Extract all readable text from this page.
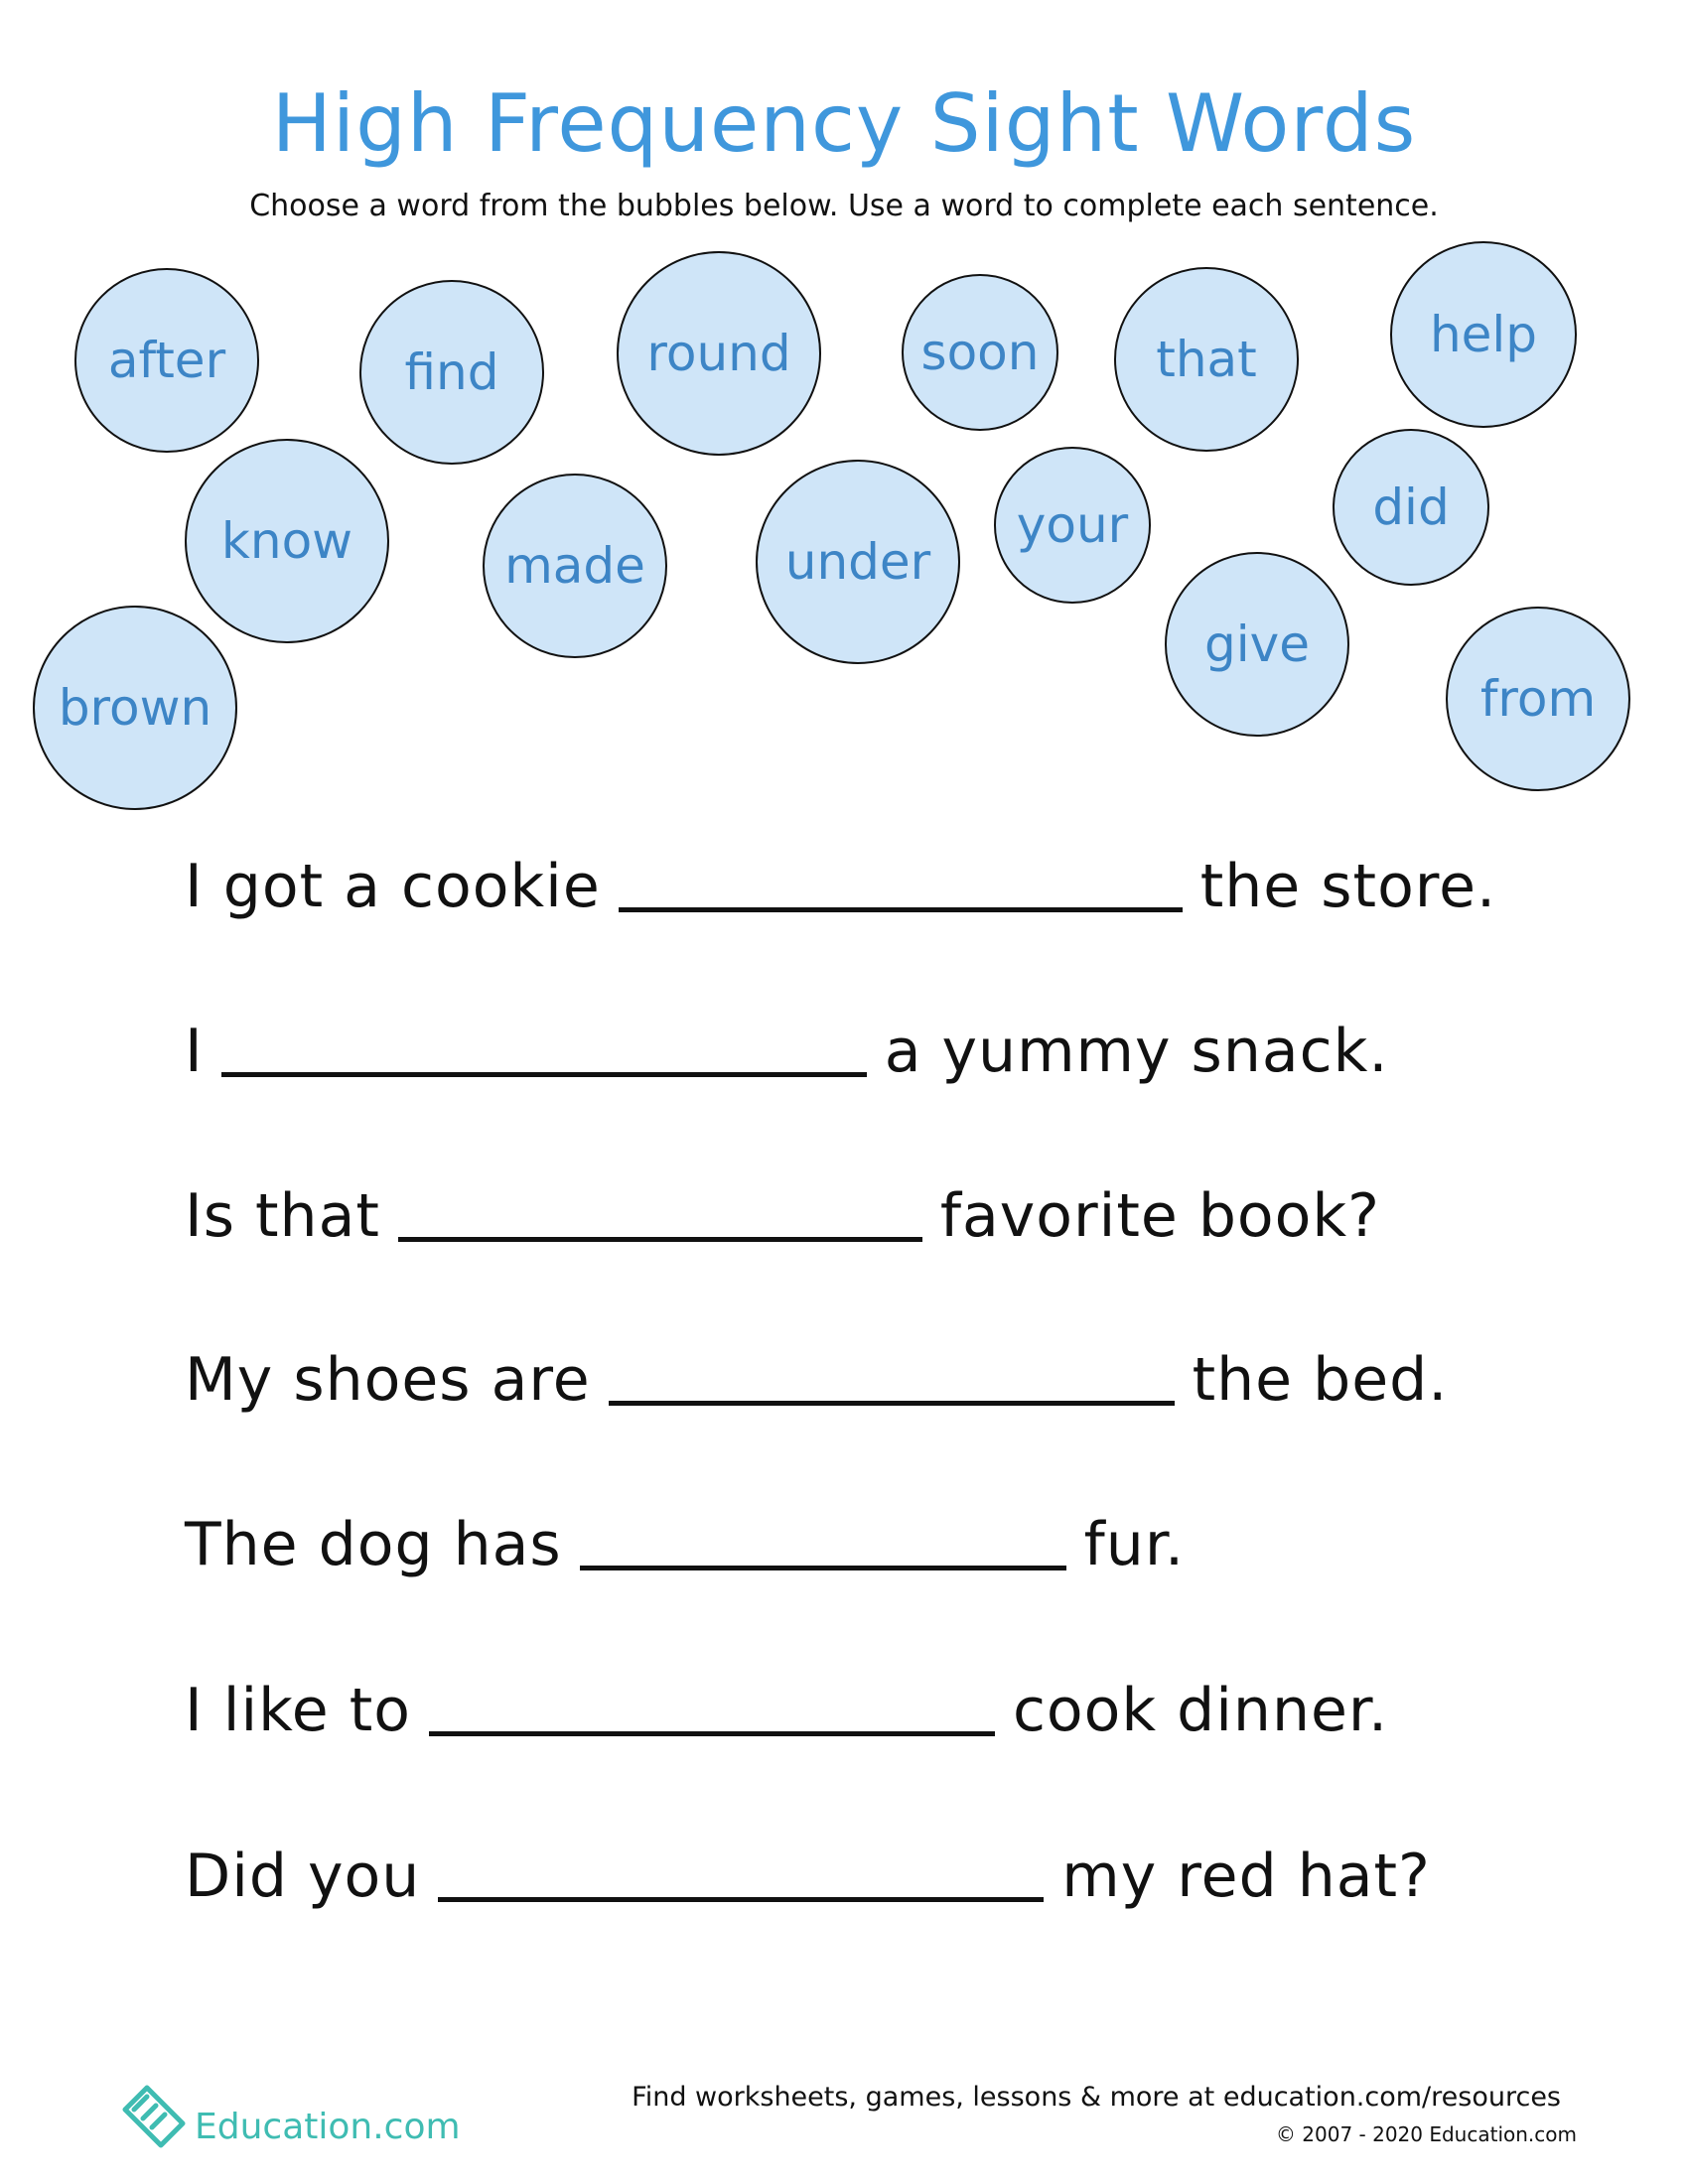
High Frequency Sight Words

Choose a word from the bubbles below. Use a word to complete each sentence.

after	find	round	soon that	help
know	made	under
your	did
give
brown	from
I got a cookie	the store.
I	a yummy snack.
Is that	favorite book?
My shoes are	the bed.
The dog has	fur.
I like to	cook dinner.
Did you	my red hat?
Education.com
Find worksheets, games, lessons & more at education.com/resources
© 2007 - 2020 Education.com
